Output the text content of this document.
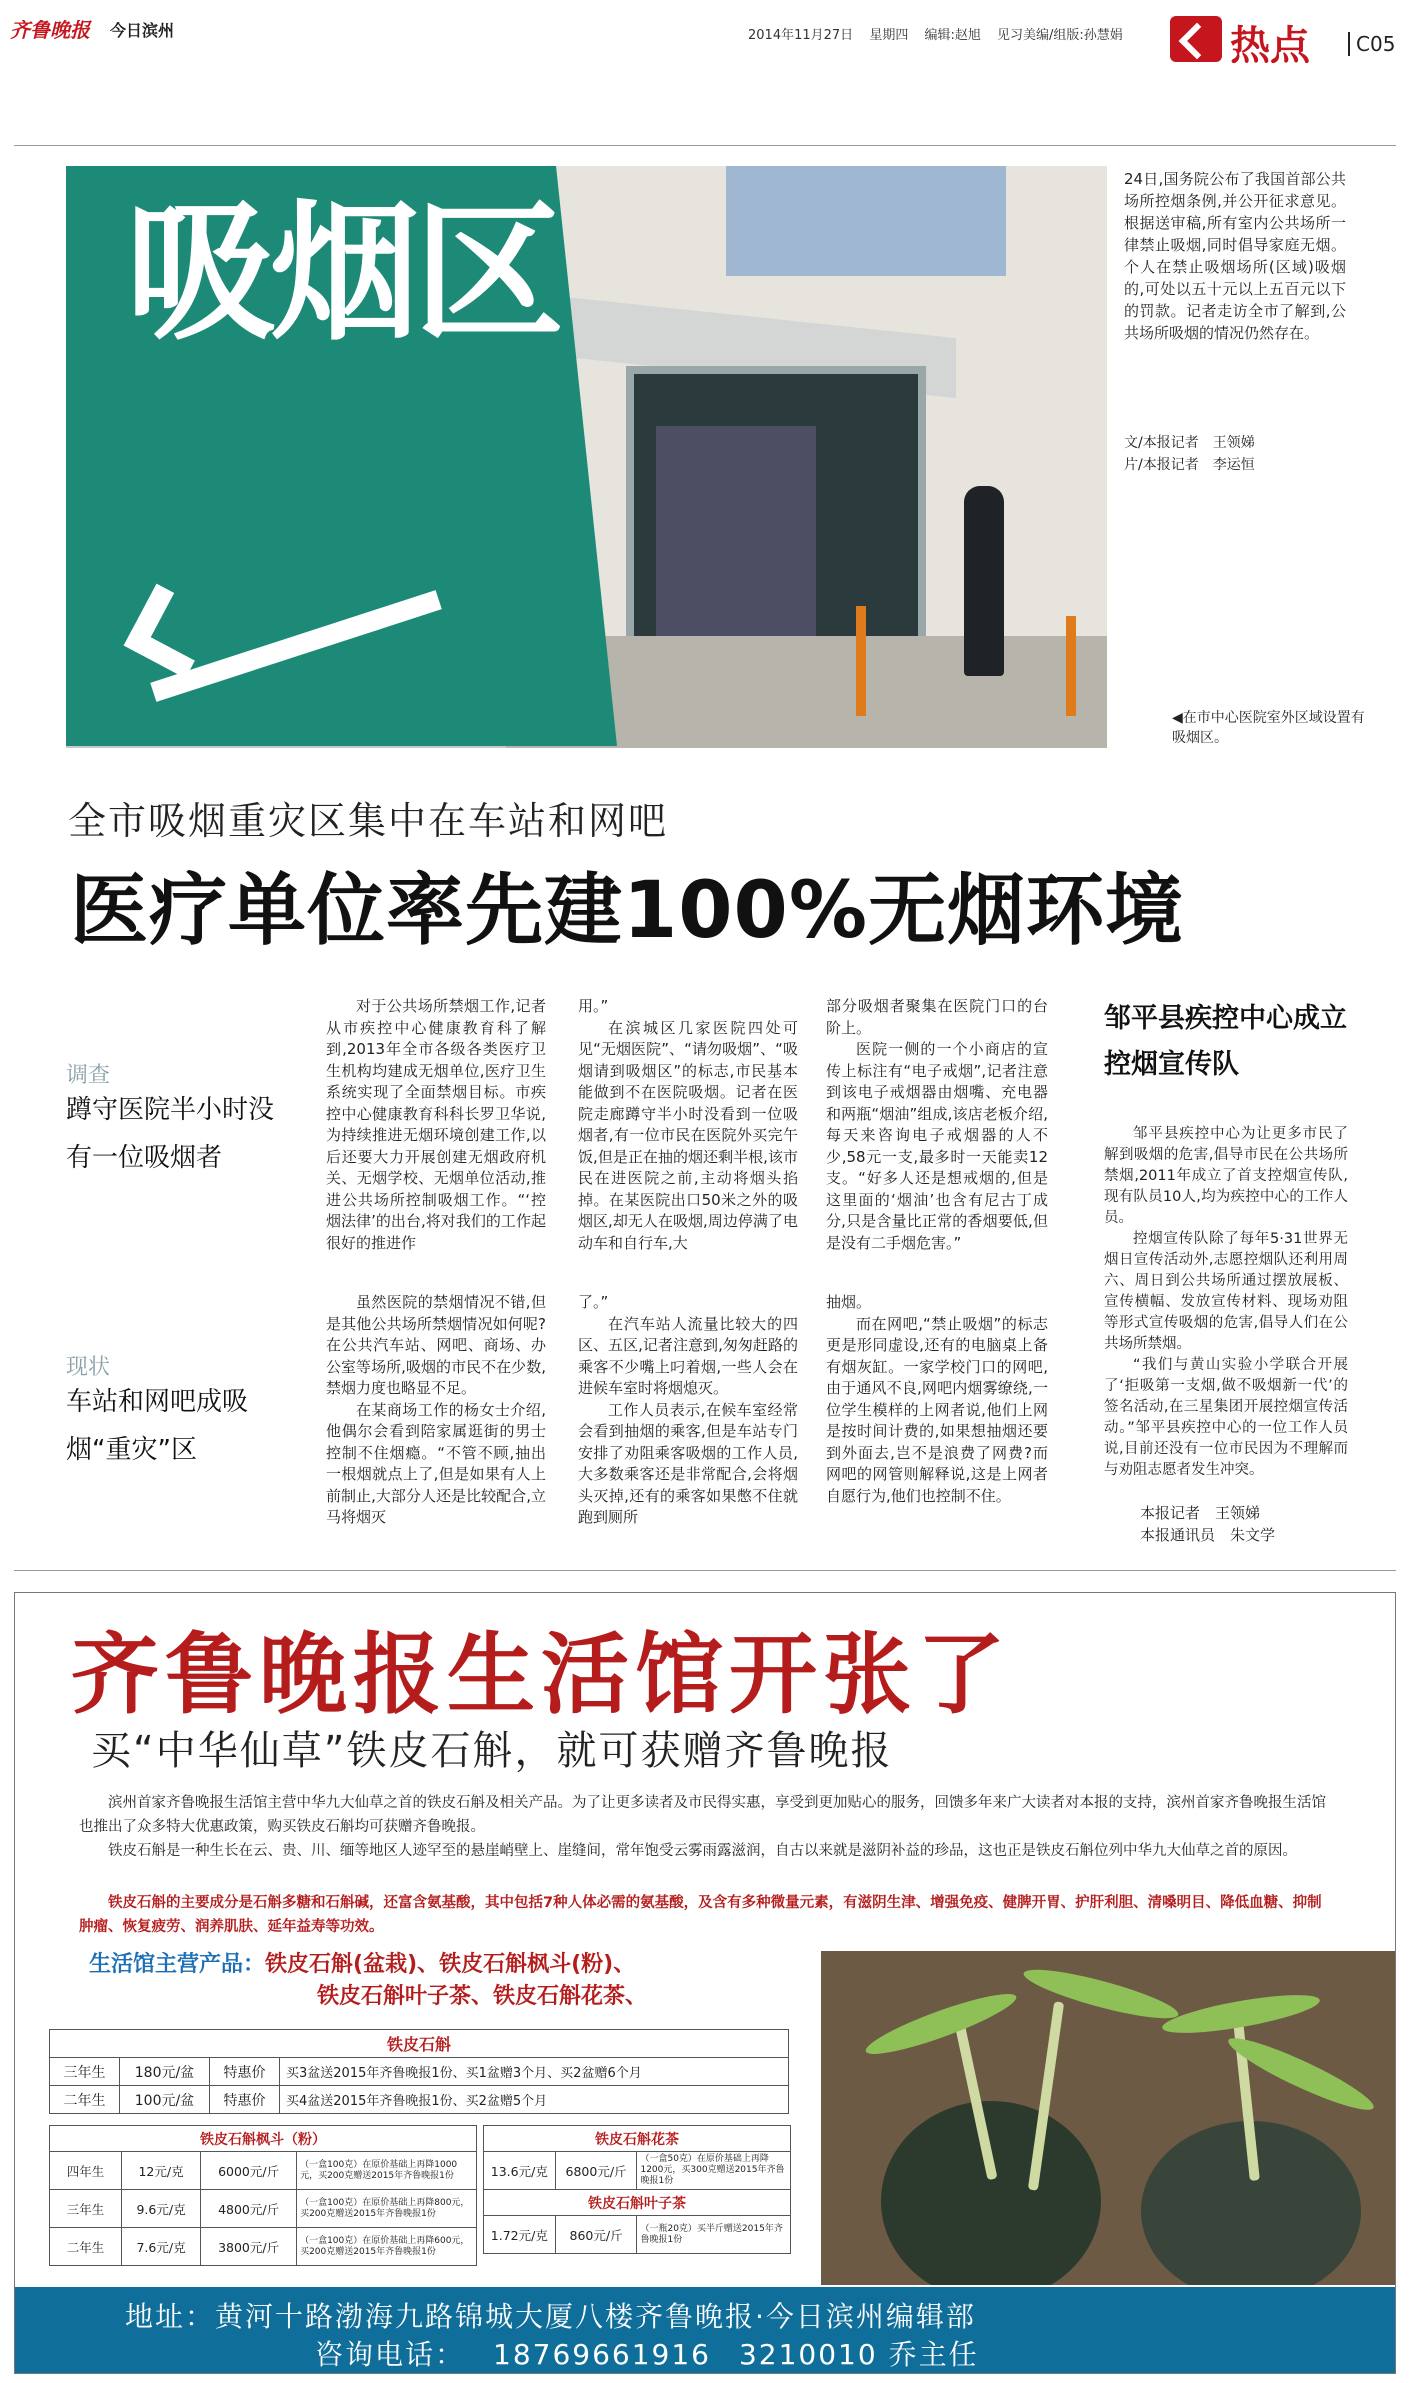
齐鲁晚报 今日滨州	2014年11月27日 星期四 编辑:赵旭 见习美编/组版:孙慧娟	热点	C05
吸烟区
24日,国务院公布了我国首部公共场所控烟条例,并公开征求意见。根据送审稿,所有室内公共场所一律禁止吸烟,同时倡导家庭无烟。个人在禁止吸烟场所(区域)吸烟的,可处以五十元以上五百元以下的罚款。记者走访全市了解到,公共场所吸烟的情况仍然存在。
文/本报记者　王领娣
片/本报记者　李运恒
◀在市中心医院室外区域设置有吸烟区。
全市吸烟重灾区集中在车站和网吧
医疗单位率先建100%无烟环境
调查
蹲守医院半小时没有一位吸烟者
现状
车站和网吧成吸烟“重灾”区

对于公共场所禁烟工作,记者从市疾控中心健康教育科了解到,2013年全市各级各类医疗卫生机构均建成无烟单位,医疗卫生系统实现了全面禁烟目标。市疾控中心健康教育科科长罗卫华说,为持续推进无烟环境创建工作,以后还要大力开展创建无烟政府机关、无烟学校、无烟单位活动,推进公共场所控制吸烟工作。“‘控烟法律’的出台,将对我们的工作起很好的推进作

用。”

在滨城区几家医院四处可见“无烟医院”、“请勿吸烟”、“吸烟请到吸烟区”的标志,市民基本能做到不在医院吸烟。记者在医院走廊蹲守半小时没看到一位吸烟者,有一位市民在医院外买完午饭,但是正在抽的烟还剩半根,该市民在进医院之前,主动将烟头掐掉。在某医院出口50米之外的吸烟区,却无人在吸烟,周边停满了电动车和自行车,大

部分吸烟者聚集在医院门口的台阶上。

医院一侧的一个小商店的宣传上标注有“电子戒烟”,记者注意到该电子戒烟器由烟嘴、充电器和两瓶“烟油”组成,该店老板介绍,每天来咨询电子戒烟器的人不少,58元一支,最多时一天能卖12支。“好多人还是想戒烟的,但是这里面的‘烟油’也含有尼古丁成分,只是含量比正常的香烟要低,但是没有二手烟危害。”

虽然医院的禁烟情况不错,但是其他公共场所禁烟情况如何呢?在公共汽车站、网吧、商场、办公室等场所,吸烟的市民不在少数,禁烟力度也略显不足。

在某商场工作的杨女士介绍,他偶尔会看到陪家属逛街的男士控制不住烟瘾。“不管不顾,抽出一根烟就点上了,但是如果有人上前制止,大部分人还是比较配合,立马将烟灭

了。”

在汽车站人流量比较大的四区、五区,记者注意到,匆匆赶路的乘客不少嘴上叼着烟,一些人会在进候车室时将烟熄灭。

工作人员表示,在候车室经常会看到抽烟的乘客,但是车站专门安排了劝阻乘客吸烟的工作人员,大多数乘客还是非常配合,会将烟头灭掉,还有的乘客如果憋不住就跑到厕所

抽烟。

而在网吧,“禁止吸烟”的标志更是形同虚设,还有的电脑桌上备有烟灰缸。一家学校门口的网吧,由于通风不良,网吧内烟雾缭绕,一位学生模样的上网者说,他们上网是按时间计费的,如果想抽烟还要到外面去,岂不是浪费了网费?而网吧的网管则解释说,这是上网者自愿行为,他们也控制不住。

邹平县疾控中心成立控烟宣传队

邹平县疾控中心为让更多市民了解到吸烟的危害,倡导市民在公共场所禁烟,2011年成立了首支控烟宣传队,现有队员10人,均为疾控中心的工作人员。

控烟宣传队除了每年5·31世界无烟日宣传活动外,志愿控烟队还利用周六、周日到公共场所通过摆放展板、宣传横幅、发放宣传材料、现场劝阻等形式宣传吸烟的危害,倡导人们在公共场所禁烟。

“我们与黄山实验小学联合开展了‘拒吸第一支烟,做不吸烟新一代’的签名活动,在三星集团开展控烟宣传活动。”邹平县疾控中心的一位工作人员说,目前还没有一位市民因为不理解而与劝阻志愿者发生冲突。

本报记者　王领娣
本报通讯员　朱文学
齐鲁晚报生活馆开张了
买“中华仙草”铁皮石斛，就可获赠齐鲁晚报

滨州首家齐鲁晚报生活馆主营中华九大仙草之首的铁皮石斛及相关产品。为了让更多读者及市民得实惠，享受到更加贴心的服务，回馈多年来广大读者对本报的支持，滨州首家齐鲁晚报生活馆也推出了众多特大优惠政策，购买铁皮石斛均可获赠齐鲁晚报。

铁皮石斛是一种生长在云、贵、川、缅等地区人迹罕至的悬崖峭壁上、崖缝间，常年饱受云雾雨露滋润，自古以来就是滋阴补益的珍品，这也正是铁皮石斛位列中华九大仙草之首的原因。

铁皮石斛的主要成分是石斛多糖和石斛碱，还富含氨基酸，其中包括7种人体必需的氨基酸，及含有多种微量元素，有滋阴生津、增强免疫、健脾开胃、护肝利胆、清嗓明目、降低血糖、抑制肿瘤、恢复疲劳、润养肌肤、延年益寿等功效。
生活馆主营产品：铁皮石斛(盆栽)、铁皮石斛枫斗(粉)、
铁皮石斛叶子茶、铁皮石斛花茶、
铁皮石斛			
三年生	180元/盆	特惠价	买3盆送2015年齐鲁晚报1份、买1盆赠3个月、买2盆赠6个月
二年生	100元/盆	特惠价	买4盆送2015年齐鲁晚报1份、买2盆赠5个月
铁皮石斛枫斗（粉）			
四年生	12元/克	6000元/斤	（一盒100克）在原价基础上再降1000元，买200克赠送2015年齐鲁晚报1份
三年生	9.6元/克	4800元/斤	（一盒100克）在原价基础上再降800元，买200克赠送2015年齐鲁晚报1份
二年生	7.6元/克	3800元/斤	（一盒100克）在原价基础上再降600元，买200克赠送2015年齐鲁晚报1份
铁皮石斛花茶		
13.6元/克	6800元/斤	（一盒50克）在原价基础上再降1200元，买300克赠送2015年齐鲁晚报1份
铁皮石斛叶子茶		
1.72元/克	860元/斤	（一瓶20克）买半斤赠送2015年齐鲁晚报1份
地址：黄河十路渤海九路锦城大厦八楼齐鲁晚报·今日滨州编辑部
咨询电话： 18769661916 3210010 乔主任
